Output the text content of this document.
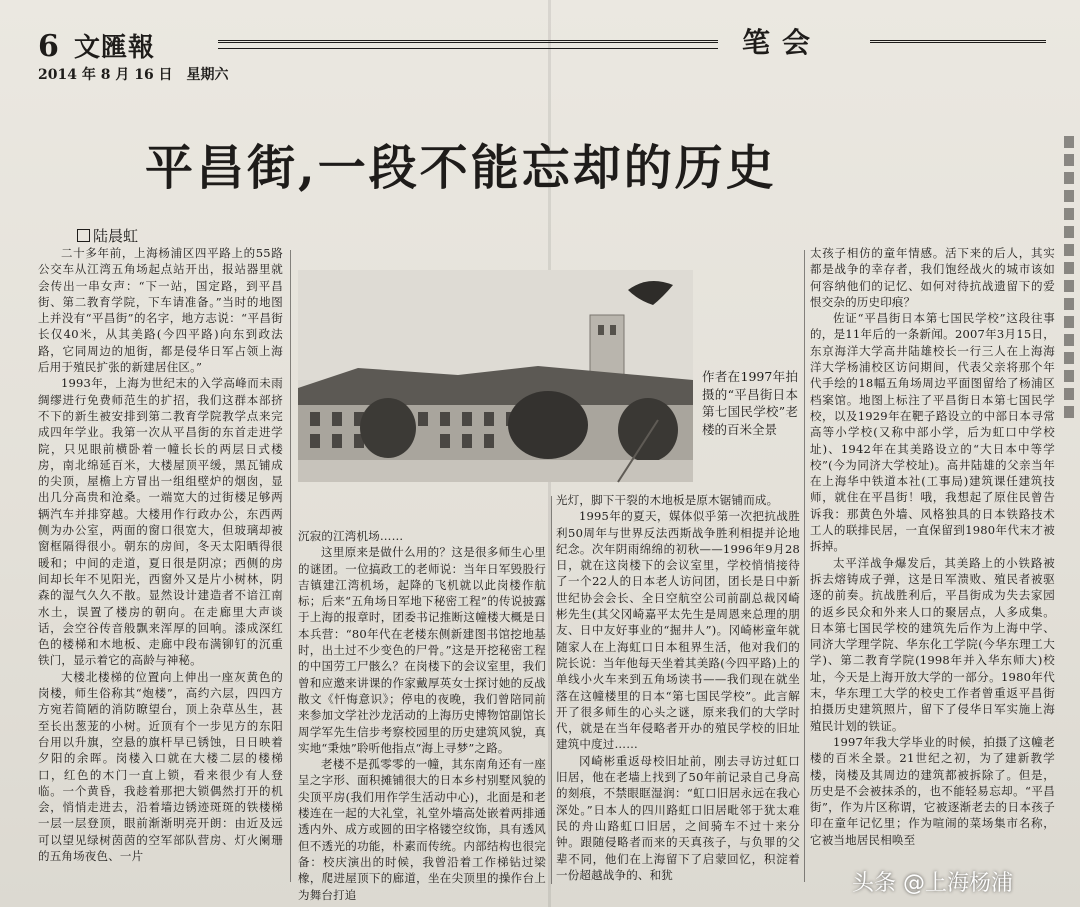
6 文匯報
2014 年 8 月 16 日　星期六
笔会
平昌街,一段不能忘却的历史
陆晨虹

二十多年前，上海杨浦区四平路上的55路公交车从江湾五角场起点站开出，报站器里就会传出一串女声：“下一站，国定路，到平昌街、第二教育学院，下车请准备。”当时的地图上并没有“平昌街”的名字，地方志说：“平昌街长仅40米，从其美路(今四平路)向东到政法路，它同周边的旭街，都是侵华日军占领上海后用于殖民扩张的新建居住区。”

1993年，上海为世纪末的入学高峰而未雨绸缪进行免费师范生的扩招，我们这群本部挤不下的新生被安排到第二教育学院教学点来完成四年学业。我第一次从平昌街的东首走进学院，只见眼前横卧着一幢长长的两层日式楼房，南北绵延百米，大楼屋顶平缓，黑瓦铺成的尖顶，屋檐上方冒出一组组壁炉的烟囱，显出几分高贵和沧桑。一端宽大的过街楼足够两辆汽车并排穿越。大楼用作行政办公，东西两侧为办公室，两面的窗口很宽大，但玻璃却被窗框隔得很小。朝东的房间，冬天太阳晒得很暖和；中间的走道，夏日很是阴凉；西侧的房间却长年不见阳光，西窗外又是片小树林，阴森的湿气久久不散。显然设计建造者不谙江南水土，误置了楼房的朝向。在走廊里大声谈话，会空谷传音般飘来浑厚的回响。漆成深红色的楼梯和木地板、走廊中段布满铆钉的沉重铁门，显示着它的高龄与神秘。

大楼北楼梯的位置向上伸出一座灰黄色的岗楼，师生俗称其“炮楼”，高约六层，四四方方宛若简陋的消防瞭望台，顶上杂草丛生，甚至长出葱茏的小树。近顶有个一步见方的东阳台用以升旗，空悬的旗杆早已锈蚀，日日映着夕阳的余晖。岗楼入口就在大楼二层的楼梯口，红色的木门一直上锁，看来很少有人登临。一个黄昏，我趁着那把大锁偶然打开的机会，悄悄走进去，沿着墙边锈迹斑斑的铁楼梯一层一层登顶，眼前渐渐明亮开朗：由近及远可以望见绿树茵茵的空军部队营房、灯火阑珊的五角场夜色、一片

作者在1997年拍摄的“平昌街日本第七国民学校”老楼的百米全景

沉寂的江湾机场……

这里原来是做什么用的？这是很多师生心里的谜团。一位搞政工的老师说：当年日军毁股行吉镇建江湾机场，起降的飞机就以此岗楼作航标；后来“五角场日军地下秘密工程”的传说披露于上海的报章时，团委书记推断这幢楼大概是日本兵营：“80年代在老楼东侧新建图书馆挖地基时，出土过不少变色的尸骨。”这是开挖秘密工程的中国劳工尸骸么？在岗楼下的会议室里，我们曾和应邀来讲课的作家戴厚英女士探讨她的反战散文《忏悔意识》；停电的夜晚，我们曾陪同前来参加文学社沙龙活动的上海历史博物馆副馆长周学军先生信步考察校园里的历史建筑风貌，真实地“秉烛”聆听他指点“海上寻梦”之路。

老楼不是孤零零的一幢，其东南角还有一座呈之字形、面积摊铺很大的日本乡村别墅风貌的尖顶平房(我们用作学生活动中心)，北面是和老楼连在一起的大礼堂，礼堂外墙高处嵌着两排通透内外、成方或圆的田字格镂空纹饰，具有透风但不透光的功能，朴素而传统。内部结构也很完备：校庆演出的时候，我曾沿着工作梯钻过梁橡，爬进屋顶下的廊道，坐在尖顶里的操作台上为舞台打追

光灯，脚下干裂的木地板是原木锯铺而成。

1995年的夏天，媒体似乎第一次把抗战胜利50周年与世界反法西斯战争胜利相提并论地纪念。次年阴雨绵绵的初秋——1996年9月28日，就在这岗楼下的会议室里，学校悄悄接待了一个22人的日本老人访问团，团长是日中新世纪协会会长、全日空航空公司前副总裁冈崎彬先生(其父冈崎嘉平太先生是周恩来总理的朋友、日中友好事业的“掘井人”)。冈崎彬童年就随家人在上海虹口日本租界生活，他对我们的院长说：当年他每天坐着其美路(今四平路)上的单线小火车来到五角场读书——我们现在就坐落在这幢楼里的日本“第七国民学校”。此言解开了很多师生的心头之谜，原来我们的大学时代，就是在当年侵略者开办的殖民学校的旧址建筑中度过……

冈崎彬重返母校旧址前，刚去寻访过虹口旧居，他在老墙上找到了50年前记录自己身高的刻痕，不禁眼眶湿润：“虹口旧居永远在我心深处。”日本人的四川路虹口旧居毗邻于犹太难民的舟山路虹口旧居，之间骑车不过十来分钟。跟随侵略者而来的天真孩子，与负罪的父辈不同，他们在上海留下了启蒙回忆，积淀着一份超越战争的、和犹

太孩子相仿的童年情感。活下来的后人，其实都是战争的幸存者，我们饱经战火的城市该如何容纳他们的记忆、如何对待抗战遗留下的爱恨交杂的历史印痕？

佐证“平昌街日本第七国民学校”这段往事的，是11年后的一条新闻。2007年3月15日，东京海洋大学高井陆雄校长一行三人在上海海洋大学杨浦校区访问期间，代表父亲将那个年代手绘的18幅五角场周边平面图留给了杨浦区档案馆。地图上标注了平昌街日本第七国民学校，以及1929年在靶子路设立的中部日本寻常高等小学校(又称中部小学，后为虹口中学校址)、1942年在其美路设立的“大日本中等学校”(今为同济大学校址)。高井陆雄的父亲当年在上海华中铁道本社(工事局)建筑课任建筑技师，就住在平昌街！哦，我想起了原住民曾告诉我：那黄色外墙、风格独具的日本铁路技术工人的联排民居，一直保留到1980年代末才被拆掉。

太平洋战争爆发后，其美路上的小铁路被拆去熔铸成子弹，这是日军溃败、殖民者被驱逐的前奏。抗战胜利后，平昌街成为失去家园的返乡民众和外来人口的聚居点，人多成集。日本第七国民学校的建筑先后作为上海中学、同济大学理学院、华东化工学院(今华东理工大学)、第二教育学院(1998年并入华东师大)校址，今天是上海开放大学的一部分。1980年代末，华东理工大学的校史工作者曾重返平昌街拍摄历史建筑照片，留下了侵华日军实施上海殖民计划的铁证。

1997年我大学毕业的时候，拍摄了这幢老楼的百米全景。21世纪之初，为了建新教学楼，岗楼及其周边的建筑都被拆除了。但是，历史是不会被抹杀的，也不能轻易忘却。“平昌街”，作为片区称谓，它被逐渐老去的日本孩子印在童年记忆里；作为喧闹的菜场集市名称，它被当地居民相唤至

头条 @上海杨浦
